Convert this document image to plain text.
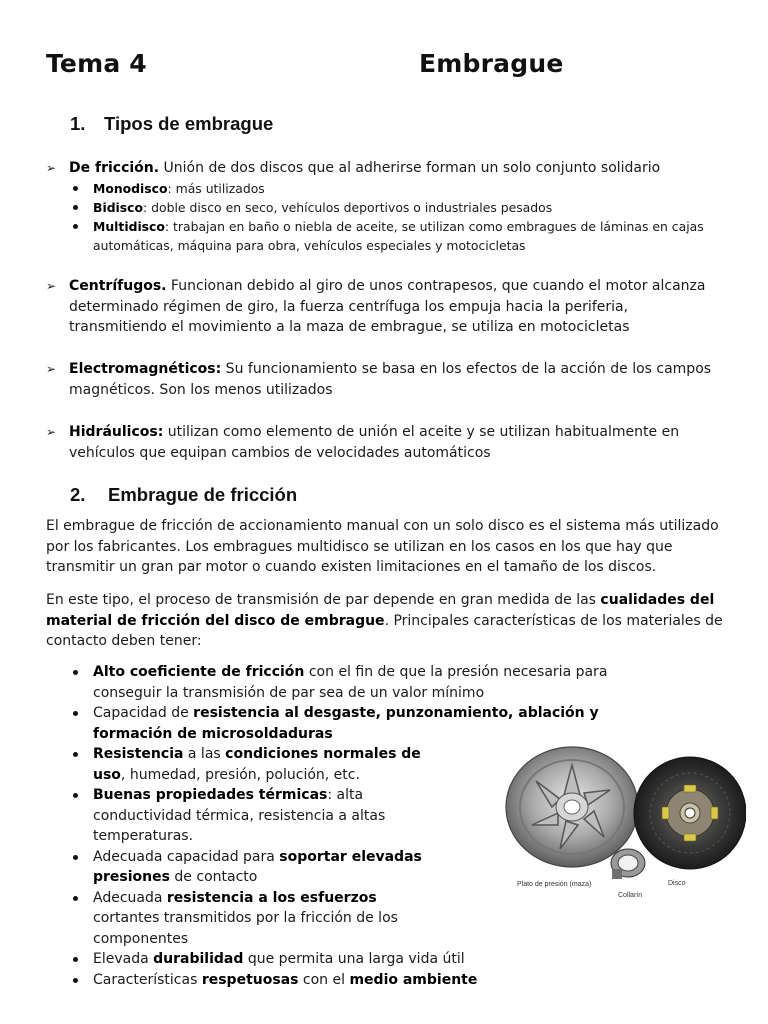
Tema 4	Embrague
1. Tipos de embrague
➢ De fricción. Unión de dos discos que al adherirse forman un solo conjunto solidario
Monodisco: más utilizados
Bidisco: doble disco en seco, vehículos deportivos o industriales pesados
Multidisco: trabajan en baño o niebla de aceite, se utilizan como embragues de láminas en cajas automáticas, máquina para obra, vehículos especiales y motocicletas
➢ Centrífugos. Funcionan debido al giro de unos contrapesos, que cuando el motor alcanza determinado régimen de giro, la fuerza centrífuga los empuja hacia la periferia, transmitiendo el movimiento a la maza de embrague, se utiliza en motocicletas
➢ Electromagnéticos: Su funcionamiento se basa en los efectos de la acción de los campos magnéticos. Son los menos utilizados
➢ Hidráulicos: utilizan como elemento de unión el aceite y se utilizan habitualmente en vehículos que equipan cambios de velocidades automáticos
2. Embrague de fricción
El embrague de fricción de accionamiento manual con un solo disco es el sistema más utilizado por los fabricantes. Los embragues multidisco se utilizan en los casos en los que hay que transmitir un gran par motor o cuando existen limitaciones en el tamaño de los discos.
En este tipo, el proceso de transmisión de par depende en gran medida de las cualidades del material de fricción del disco de embrague. Principales características de los materiales de contacto deben tener:
Alto coeficiente de fricción con el fin de que la presión necesaria para conseguir la transmisión de par sea de un valor mínimo
Capacidad de resistencia al desgaste, punzonamiento, ablación y formación de microsoldaduras
Resistencia a las condiciones normales de uso, humedad, presión, polución, etc.
Buenas propiedades térmicas: alta conductividad térmica, resistencia a altas temperaturas.
Adecuada capacidad para soportar elevadas presiones de contacto
Adecuada resistencia a los esfuerzos cortantes transmitidos por la fricción de los componentes
Elevada durabilidad que permita una larga vida útil
Características respetuosas con el medio ambiente
Plato de presión (maza)	Disco
Collarín
